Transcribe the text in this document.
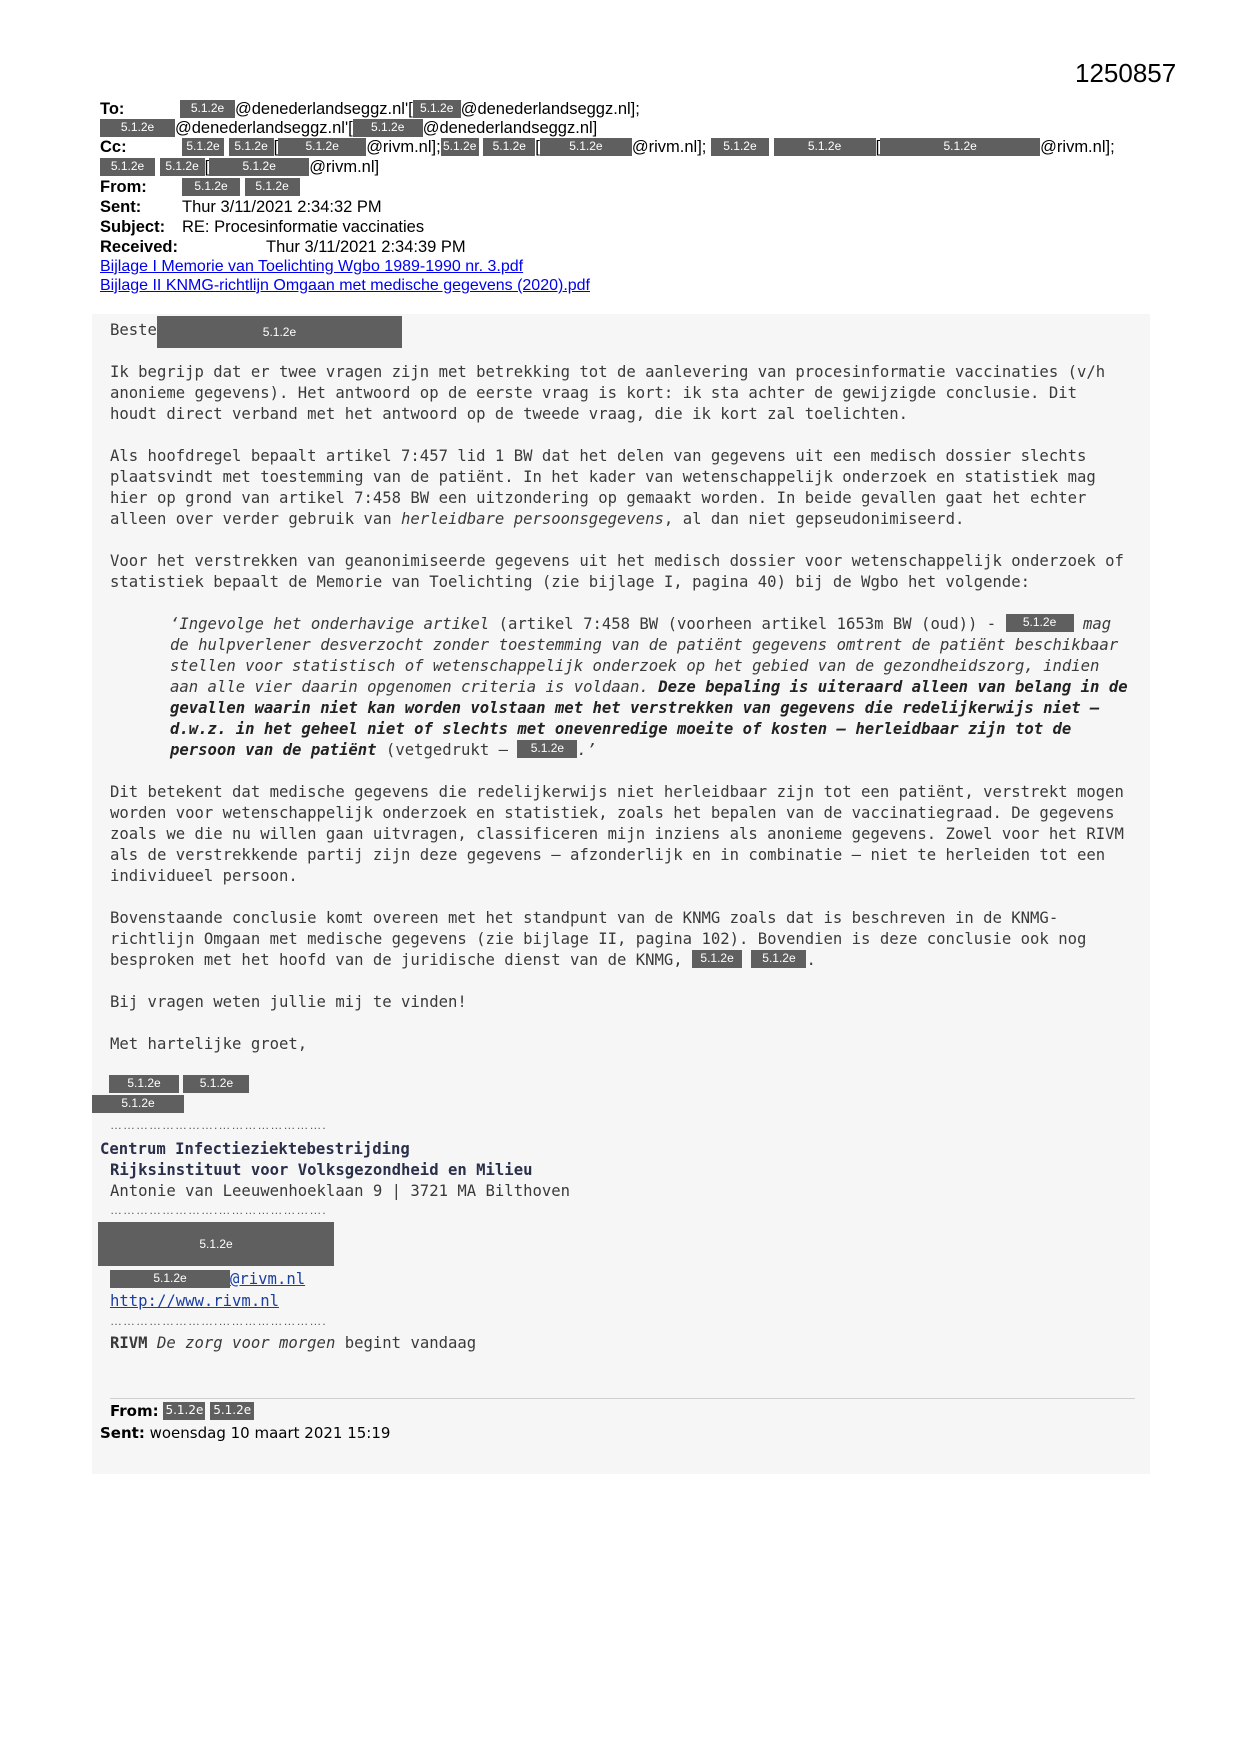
1250857
To:	5.1.2e @denederlandseggz.nl'[ 5.1.2e @denederlandseggz.nl];
5.1.2e @denederlandseggz.nl'[ 5.1.2e @denederlandseggz.nl]
Cc:	5.1.2e 5.1.2e [ 5.1.2e @rivm.nl]; 5.1.2e 5.1.2e [ 5.1.2e @rivm.nl]; 5.1.2e	5.1.2e [	5.1.2e	@rivm.nl];
5.1.2e 5.1.2e [	5.1.2e @rivm.nl]
From:	5.1.2e 5.1.2e
Sent: Thur 3/11/2021 2:34:32 PM
Subject: RE: Procesinformatie vaccinaties
Received:	Thur 3/11/2021 2:34:39 PM
Bijlage I Memorie van Toelichting Wgbo 1989-1990 nr. 3.pdf
Bijlage II KNMG-richtlijn Omgaan met medische gegevens (2020).pdf
Beste	5.1.2e
Ik begrijp dat er twee vragen zijn met betrekking tot de aanlevering van procesinformatie vaccinaties (v/h anonieme gegevens). Het antwoord op de eerste vraag is kort: ik sta achter de gewijzigde conclusie. Dit houdt direct verband met het antwoord op de tweede vraag, die ik kort zal toelichten.
Als hoofdregel bepaalt artikel 7:457 lid 1 BW dat het delen van gegevens uit een medisch dossier slechts plaatsvindt met toestemming van de patiënt. In het kader van wetenschappelijk onderzoek en statistiek mag hier op grond van artikel 7:458 BW een uitzondering op gemaakt worden. In beide gevallen gaat het echter alleen over verder gebruik van herleidbare persoonsgegevens, al dan niet gepseudonimiseerd.
Voor het verstrekken van geanonimiseerde gegevens uit het medisch dossier voor wetenschappelijk onderzoek of statistiek bepaalt de Memorie van Toelichting (zie bijlage I, pagina 40) bij de Wgbo het volgende:
‘Ingevolge het onderhavige artikel (artikel 7:458 BW (voorheen artikel 1653m BW (oud)) - 5.1.2e mag de hulpverlener desverzocht zonder toestemming van de patiënt gegevens omtrent de patiënt beschikbaar stellen voor statistisch of wetenschappelijk onderzoek op het gebied van de gezondheidszorg, indien aan alle vier daarin opgenomen criteria is voldaan. Deze bepaling is uiteraard alleen van belang in de gevallen waarin niet kan worden volstaan met het verstrekken van gegevens die redelijkerwijs niet – d.w.z. in het geheel niet of slechts met onevenredige moeite of kosten – herleidbaar zijn tot de persoon van de patiënt (vetgedrukt – 5.1.2e .’
Dit betekent dat medische gegevens die redelijkerwijs niet herleidbaar zijn tot een patiënt, verstrekt mogen worden voor wetenschappelijk onderzoek en statistiek, zoals het bepalen van de vaccinatiegraad. De gegevens zoals we die nu willen gaan uitvragen, classificeren mijn inziens als anonieme gegevens. Zowel voor het RIVM als de verstrekkende partij zijn deze gegevens – afzonderlijk en in combinatie – niet te herleiden tot een individueel persoon.
Bovenstaande conclusie komt overeen met het standpunt van de KNMG zoals dat is beschreven in de KNMG-richtlijn Omgaan met medische gegevens (zie bijlage II, pagina 102). Bovendien is deze conclusie ook nog besproken met het hoofd van de juridische dienst van de KNMG, 5.1.2e 5.1.2e .
Bij vragen weten jullie mij te vinden!
Met hartelijke groet,
5.1.2e	5.1.2e
5.1.2e
…………………….…………………….
Centrum Infectieziektebestrijding
Rijksinstituut voor Volksgezondheid en Milieu
Antonie van Leeuwenhoeklaan 9 | 3721 MA Bilthoven
…………………….…………………….
5.1.2e
5.1.2e	@rivm.nl
http://www.rivm.nl
…………………….…………………….
RIVM De zorg voor morgen begint vandaag
From: 5.1.2e 5.1.2e
Sent: woensdag 10 maart 2021 15:19
